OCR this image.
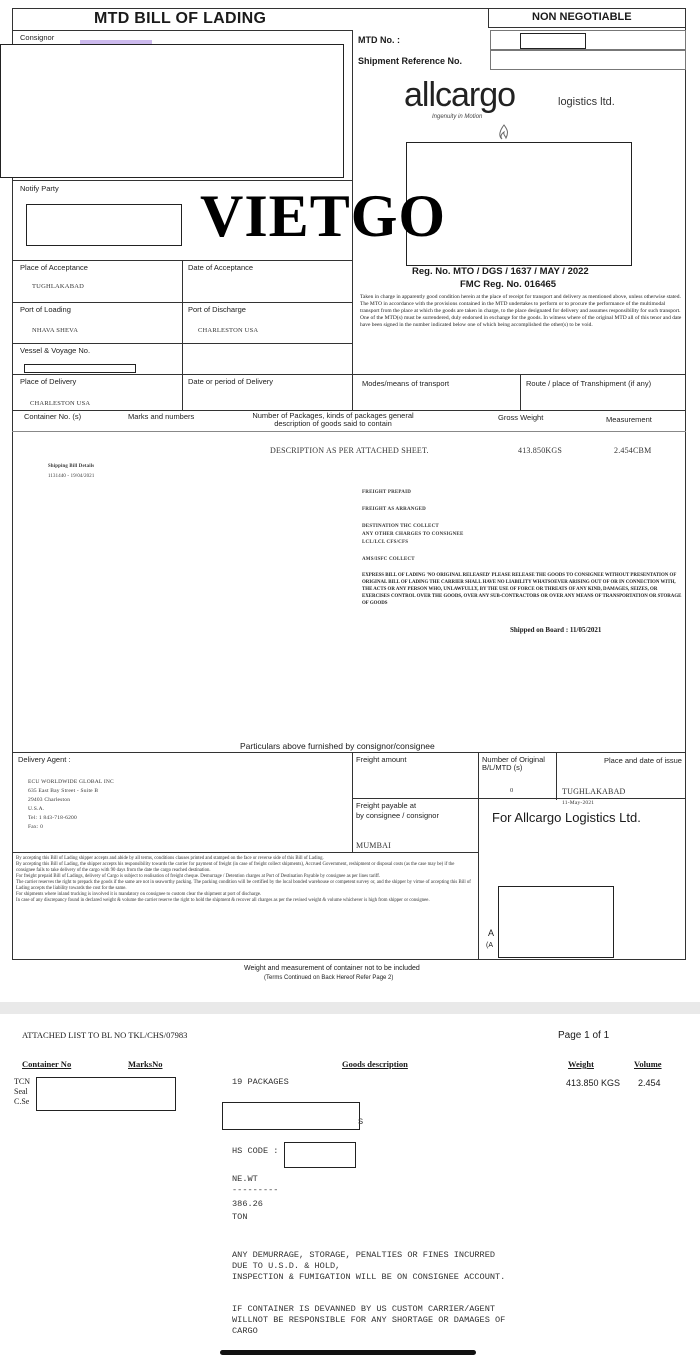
MTD BILL OF LADING	NON NEGOTIABLE
Consignor	MTD No. :
Shipment Reference No.
allcargo	logistics ltd.
Ingenuity in Motion
Notify Party VIETGO
Reg. No. MTO / DGS / 1637 / MAY / 2022
FMC Reg. No. 016465
Place of Acceptance
TUGHLAKABAD
Date of Acceptance
Port of Loading
NHAVA SHEVA
Port of Discharge
CHARLESTON USA
Vessel & Voyage No.
Taken in charge in apparently good condition herein at the place of receipt for transport and delivery as mentioned above, unless otherwise stated. The MTO in accordance with the provisions contained in the MTD undertakes to perform or to procure the performance of the multimodal transport from the place at which the goods are taken in charge, to the place designated for delivery and assumes responsibility for such transport. One of the MTD(s) must be surrendered, duly endorsed in exchange for the goods. In witness where of the original MTD all of this tenor and date have been signed in the number indicated below one of which being accomplished the other(s) to be void.
Place of Delivery
CHARLESTON USA
Date or period of Delivery	Modes/means of transport	Route / place of Transhipment (if any)
Container No. (s)	Marks and numbers	Number of Packages, kinds of packages general description of goods said to contain
Gross Weight	Measurement
DESCRIPTION AS PER ATTACHED SHEET.	413.850KGS	2.454CBM
Shipping Bill Details
1131440 - 19/04/2021
FREIGHT PREPAID
FREIGHT AS ARRANGED
DESTINATION THC COLLECT
ANY OTHER CHARGES TO CONSIGNEE
LCL/LCL CFS/CFS
AMS/ISFC COLLECT
EXPRESS BILL OF LADING 'NO ORIGINAL RELEASED' PLEASE RELEASE THE GOODS TO CONSIGNEE WITHOUT PRESENTATION OF ORIGINAL BILL OF LADING THE CARRIER SHALL HAVE NO LIABILITY WHATSOEVER ARISING OUT OF OR IN CONNECTION WITH, THE ACTS OR ANY PERSON WHO, UNLAWFULLY, BY THE USE OF FORCE OR THREATS OF ANY KIND, DAMAGES, SEIZES, OR EXERCISES CONTROL OVER THE GOODS, OVER ANY SUB-CONTRACTORS OR OVER ANY MEANS OF TRANSPORTATION OR STORAGE OF GOODS
Shipped on Board : 11/05/2021
Particulars above furnished by consignor/consignee
Delivery Agent :
ECU WORLDWIDE GLOBAL INC
635 East Bay Street - Suite B
29403 Charleston
U.S.A.
Tel: 1 843-718-6200
Fax: 0
Freight amount	Number of Original B/L/MTD (s)
0
Place and date of issue
TUGHLAKABAD
11-May-2021
Freight payable at
by consignee / consignor
MUMBAI
For Allcargo Logistics Ltd.
By accepting this Bill of Lading shipper accepts and abide by all terms, conditions clauses printed and stamped on the face or reverse side of this Bill of Lading.
By accepting this Bill of Lading, the shipper accepts his responsibility towards the carrier for payment of freight (in case of freight collect shipments), Accrued Government, reshipment or disposal costs (as the case may be) if the consignee fails to take delivery of the cargo with 90 days from the date the cargo reached destination.
For freight prepaid Bill of Ladings, delivery of Cargo is subject to realisation of freight cheque. Demurrage / Detention charges at Port of Destination Payable by consignee as per lines tariff.
The carrier reserves the right to prepack the goods if the same are not in seaworthy packing. The packing condition will be certified by the local bonded warehouse or competent survey or, and the shipper by virtue of accepting this Bill of Lading accepts the liability towards the cost for the same.
For shipments where inland trucking is involved it is mandatory on consignee to custom clear the shipment at port of discharge.
In case of any discrepancy found in declared weight & volume the carrier reserve the right to hold the shipment & recover all charges as per the revised weight & volume whichever is high from shipper or consignee.
A
(A
Weight and measurement of container not to be included
(Terms Continued on Back Hereof Refer Page 2)
ATTACHED LIST TO BL NO TKL/CHS/07983	Page 1 of 1
Container No	MarksNo	Goods description	Weight	Volume
TCN
Seal
C.Se
19 PACKAGES
S
HS CODE :
NE.WT
---------
386.26
TON
413.850 KGS 2.454
ANY DEMURRAGE, STORAGE, PENALTIES OR FINES INCURRED
DUE TO U.S.D. & HOLD,
INSPECTION & FUMIGATION WILL BE ON CONSIGNEE ACCOUNT.
IF CONTAINER IS DEVANNED BY US CUSTOM CARRIER/AGENT
WILLNOT BE RESPONSIBLE FOR ANY SHORTAGE OR DAMAGES OF
CARGO
